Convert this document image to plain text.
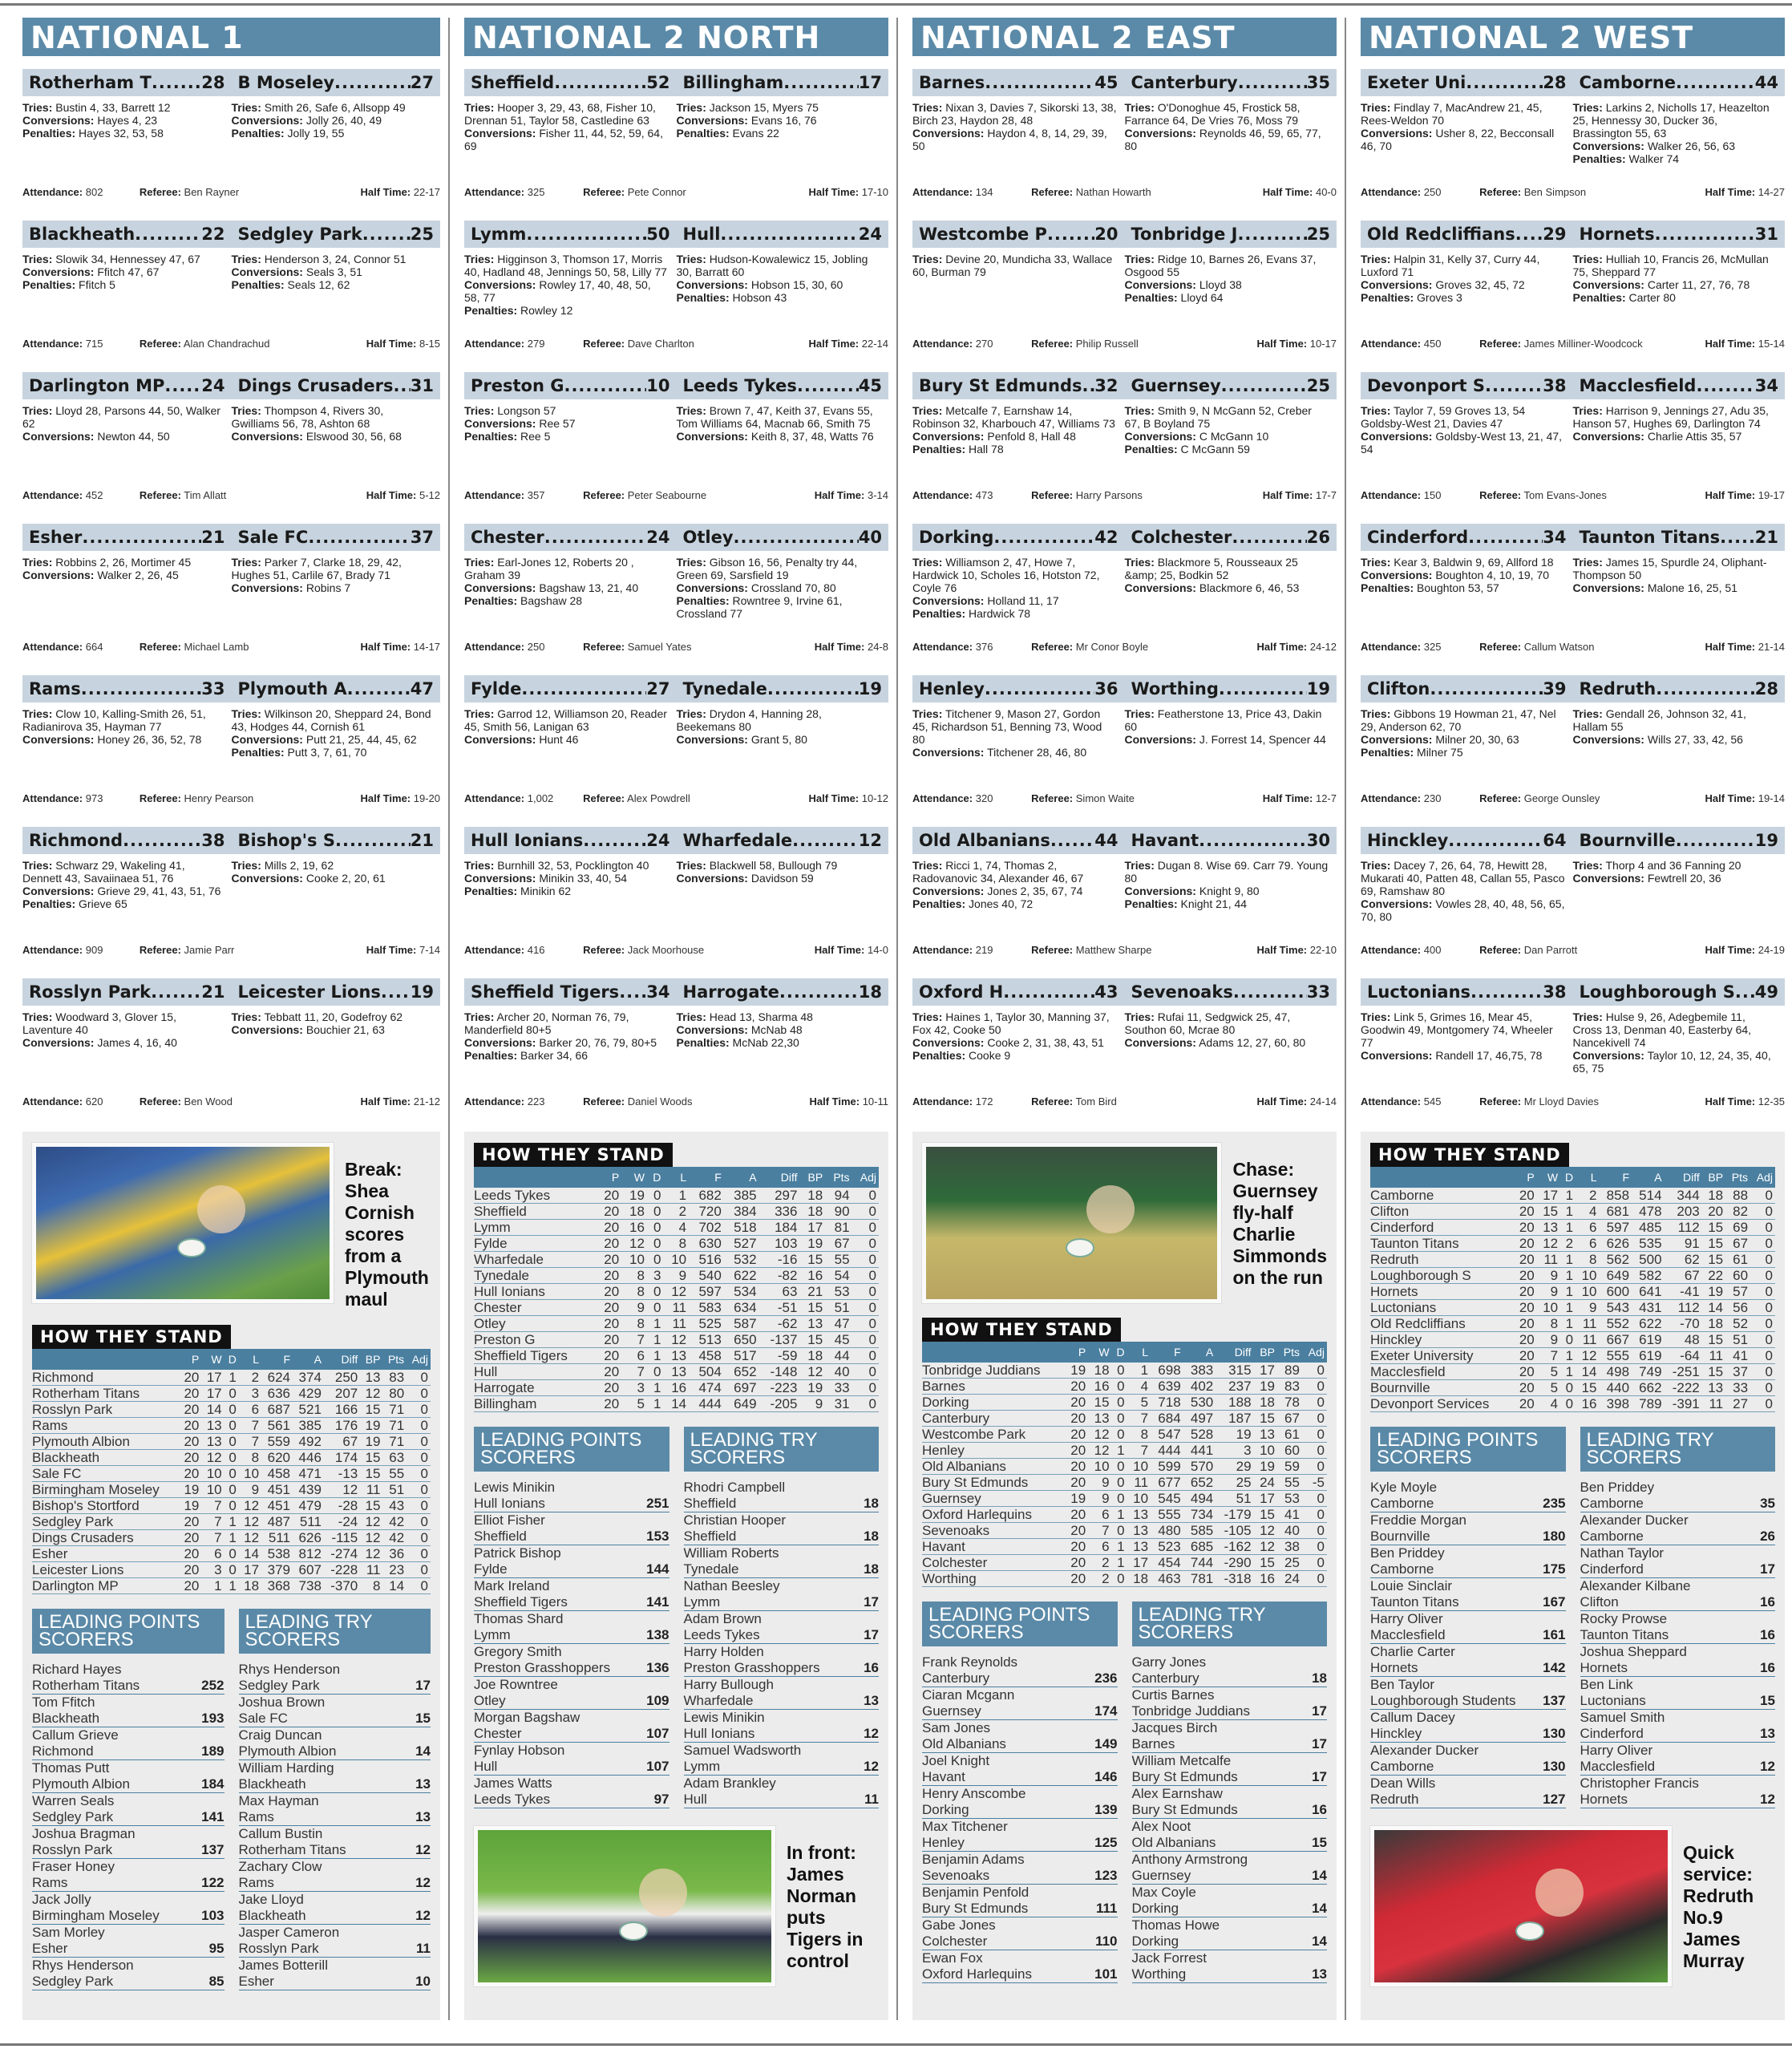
NATIONAL 1
Rotherham T .....	28 B Moseley .....	27
Tries: Bustin 4, 33, Barrett 12
Conversions: Hayes 4, 23
Penalties: Hayes 32, 53, 58
Tries: Smith 26, Safe 6, Allsopp 49
Conversions: Jolly 26, 40, 49
Penalties: Jolly 19, 55
Attendance: 802	Referee: Ben Rayner	Half Time: 22-17
Blackheath .....	22 Sedgley Park .....	25
Tries: Slowik 34, Hennessey 47, 67
Conversions: Ffitch 47, 67
Penalties: Ffitch 5
Tries: Henderson 3, 24, Connor 51
Conversions: Seals 3, 51
Penalties: Seals 12, 62
Attendance: 715	Referee: Alan Chandrachud	Half Time: 8-15
Darlington MP ..... 24 Dings Crusaders ..... 31
Tries: Lloyd 28, Parsons 44, 50, Walker 62
Conversions: Newton 44, 50
Tries: Thompson 4, Rivers 30, Gwilliams 56, 78, Ashton 68
Conversions: Elswood 30, 56, 68
Attendance: 452	Referee: Tim Allatt	Half Time: 5-12
Esher .....	21 Sale FC .....	37
Tries: Robbins 2, 26, Mortimer 45
Conversions: Walker 2, 26, 45
Tries: Parker 7, Clarke 18, 29, 42, Hughes 51, Carlile 67, Brady 71
Conversions: Robins 7
Attendance: 664	Referee: Michael Lamb	Half Time: 14-17
Rams .....	33 Plymouth A .....	47
Tries: Clow 10, Kalling-Smith 26, 51, Radianirova 35, Hayman 77
Conversions: Honey 26, 36, 52, 78
Tries: Wilkinson 20, Sheppard 24, Bond 43, Hodges 44, Cornish 61
Conversions: Putt 21, 25, 44, 45, 62
Penalties: Putt 3, 7, 61, 70
Attendance: 973	Referee: Henry Pearson	Half Time: 19-20
Richmond .....	38 Bishop's S .....	21
Tries: Schwarz 29, Wakeling 41, Dennett 43, Savaiinaea 51, 76
Conversions: Grieve 29, 41, 43, 51, 76
Penalties: Grieve 65
Tries: Mills 2, 19, 62
Conversions: Cooke 2, 20, 61
Attendance: 909	Referee: Jamie Parr	Half Time: 7-14
Rosslyn Park .....	21 Leicester Lions ..... 19
Tries: Woodward 3, Glover 15, Laventure 40
Conversions: James 4, 16, 40
Tries: Tebbatt 11, 20, Godefroy 62
Conversions: Bouchier 21, 63
Attendance: 620	Referee: Ben Wood	Half Time: 21-12
Break: Shea Cornish scores from a Plymouth maul
HOW THEY STAND
	P	W	D	L	F	A	Diff	BP	Pts	Adj
Richmond	20	17	1	2	624	374	250	13	83	0
Rotherham Titans	20	17	0	3	636	429	207	12	80	0
Rosslyn Park	20	14	0	6	687	521	166	15	71	0
Rams	20	13	0	7	561	385	176	19	71	0
Plymouth Albion	20	13	0	7	559	492	67	19	71	0
Blackheath	20	12	0	8	620	446	174	15	63	0
Sale FC	20	10	0	10	458	471	-13	15	55	0
Birmingham Moseley	19	10	0	9	451	439	12	11	51	0
Bishop's Stortford	19	7	0	12	451	479	-28	15	43	0
Sedgley Park	20	7	1	12	487	511	-24	12	42	0
Dings Crusaders	20	7	1	12	511	626	-115	12	42	0
Esher	20	6	0	14	538	812	-274	12	36	0
Leicester Lions	20	3	0	17	379	607	-228	11	23	0
Darlington MP	20	1	1	18	368	738	-370	8	14	0
LEADING POINTS SCORERS
Richard Hayes
Rotherham Titans	252
Tom Ffitch
Blackheath	193
Callum Grieve
Richmond	189
Thomas Putt
Plymouth Albion	184
Warren Seals
Sedgley Park	141
Joshua Bragman
Rosslyn Park	137
Fraser Honey
Rams	122
Jack Jolly
Birmingham Moseley	103
Sam Morley
Esher	95
Rhys Henderson
Sedgley Park	85
LEADING TRY SCORERS
Rhys Henderson
Sedgley Park	17
Joshua Brown
Sale FC	15
Craig Duncan
Plymouth Albion	14
William Harding
Blackheath	13
Max Hayman
Rams	13
Callum Bustin
Rotherham Titans	12
Zachary Clow
Rams	12
Jake Lloyd
Blackheath	12
Jasper Cameron
Rosslyn Park	11
James Botterill
Esher	10
NATIONAL 2 NORTH
Sheffield .....	52 Billingham .....	17
Tries: Hooper 3, 29, 43, 68, Fisher 10, Drennan 51, Taylor 58, Castledine 63
Conversions: Fisher 11, 44, 52, 59, 64, 69
Tries: Jackson 15, Myers 75
Conversions: Evans 16, 76
Penalties: Evans 22
Attendance: 325	Referee: Pete Connor	Half Time: 17-10
Lymm .....	50 Hull .....	24
Tries: Higginson 3, Thomson 17, Morris 40, Hadland 48, Jennings 50, 58, Lilly 77
Conversions: Rowley 17, 40, 48, 50, 58, 77
Penalties: Rowley 12
Tries: Hudson-Kowalewicz 15, Jobling 30, Barratt 60
Conversions: Hobson 15, 30, 60
Penalties: Hobson 43
Attendance: 279	Referee: Dave Charlton	Half Time: 22-14
Preston G .....	10 Leeds Tykes .....	45
Tries: Longson 57
Conversions: Ree 57
Penalties: Ree 5
Tries: Brown 7, 47, Keith 37, Evans 55, Tom Williams 64, Macnab 66, Smith 75
Conversions: Keith 8, 37, 48, Watts 76
Attendance: 357	Referee: Peter Seabourne	Half Time: 3-14
Chester .....	24 Otley .....	40
Tries: Earl-Jones 12, Roberts 20 , Graham 39
Conversions: Bagshaw 13, 21, 40
Penalties: Bagshaw 28
Tries: Gibson 16, 56, Penalty try 44, Green 69, Sarsfield 19
Conversions: Crossland 70, 80
Penalties: Rowntree 9, Irvine 61, Crossland 77
Attendance: 250	Referee: Samuel Yates	Half Time: 24-8
Fylde .....	27 Tynedale .....	19
Tries: Garrod 12, Williamson 20, Reader 45, Smith 56, Lanigan 63
Conversions: Hunt 46
Tries: Drydon 4, Hanning 28, Beekemans 80
Conversions: Grant 5, 80
Attendance: 1,002	Referee: Alex Powdrell	Half Time: 10-12
Hull Ionians .....	24 Wharfedale .....	12
Tries: Burnhill 32, 53, Pocklington 40
Conversions: Minikin 33, 40, 54
Penalties: Minikin 62
Tries: Blackwell 58, Bullough 79
Conversions: Davidson 59
Attendance: 416	Referee: Jack Moorhouse	Half Time: 14-0
Sheffield Tigers ..... 34 Harrogate .....	18
Tries: Archer 20, Norman 76, 79, Manderfield 80+5
Conversions: Barker 20, 76, 79, 80+5
Penalties: Barker 34, 66
Tries: Head 13, Sharma 48
Conversions: McNab 48
Penalties: McNab 22,30
Attendance: 223	Referee: Daniel Woods	Half Time: 10-11
HOW THEY STAND
	P	W	D	L	F	A	Diff	BP	Pts	Adj
Leeds Tykes	20	19	0	1	682	385	297	18	94	0
Sheffield	20	18	0	2	720	384	336	18	90	0
Lymm	20	16	0	4	702	518	184	17	81	0
Fylde	20	12	0	8	630	527	103	19	67	0
Wharfedale	20	10	0	10	516	532	-16	15	55	0
Tynedale	20	8	3	9	540	622	-82	16	54	0
Hull Ionians	20	8	0	12	597	534	63	21	53	0
Chester	20	9	0	11	583	634	-51	15	51	0
Otley	20	8	1	11	525	587	-62	13	47	0
Preston G	20	7	1	12	513	650	-137	15	45	0
Sheffield Tigers	20	6	1	13	458	517	-59	18	44	0
Hull	20	7	0	13	504	652	-148	12	40	0
Harrogate	20	3	1	16	474	697	-223	19	33	0
Billingham	20	5	1	14	444	649	-205	9	31	0
LEADING POINTS SCORERS
Lewis Minikin
Hull Ionians	251
Elliot Fisher
Sheffield	153
Patrick Bishop
Fylde	144
Mark Ireland
Sheffield Tigers	141
Thomas Shard
Lymm	138
Gregory Smith
Preston Grasshoppers	136
Joe Rowntree
Otley	109
Morgan Bagshaw
Chester	107
Fynlay Hobson
Hull	107
James Watts
Leeds Tykes	97
LEADING TRY SCORERS
Rhodri Campbell
Sheffield	18
Christian Hooper
Sheffield	18
William Roberts
Tynedale	18
Nathan Beesley
Lymm	17
Adam Brown
Leeds Tykes	17
Harry Holden
Preston Grasshoppers	16
Harry Bullough
Wharfedale	13
Lewis Minikin
Hull Ionians	12
Samuel Wadsworth
Lymm	12
Adam Brankley
Hull	11
In front: James Norman puts Tigers in control
NATIONAL 2 EAST
Barnes .....	45 Canterbury .....	35
Tries: Nixan 3, Davies 7, Sikorski 13, 38, Birch 23, Haydon 28, 48
Conversions: Haydon 4, 8, 14, 29, 39, 50
Tries: O'Donoghue 45, Frostick 58, Farrance 64, De Vries 76, Moss 79
Conversions: Reynolds 46, 59, 65, 77, 80
Attendance: 134	Referee: Nathan Howarth	Half Time: 40-0
Westcombe P .....	20 Tonbridge J .....	25
Tries: Devine 20, Mundicha 33, Wallace 60, Burman 79
Tries: Ridge 10, Barnes 26, Evans 37, Osgood 55
Conversions: Lloyd 38
Penalties: Lloyd 64
Attendance: 270	Referee: Philip Russell	Half Time: 10-17
Bury St Edmunds ..... 32 Guernsey .....	25
Tries: Metcalfe 7, Earnshaw 14, Robinson 32, Kharbouch 47, Williams 73
Conversions: Penfold 8, Hall 48
Penalties: Hall 78
Tries: Smith 9, N McGann 52, Creber 67, B Boyland 75
Conversions: C McGann 10
Penalties: C McGann 59
Attendance: 473	Referee: Harry Parsons	Half Time: 17-7
Dorking .....	42 Colchester .....	26
Tries: Williamson 2, 47, Howe 7, Hardwick 10, Scholes 16, Hotston 72, Coyle 76
Conversions: Holland 11, 17
Penalties: Hardwick 78
Tries: Blackmore 5, Rousseaux 25 &amp; 25, Bodkin 52
Conversions: Blackmore 6, 46, 53
Attendance: 376	Referee: Mr Conor Boyle	Half Time: 24-12
Henley .....	36 Worthing .....	19
Tries: Titchener 9, Mason 27, Gordon 45, Richardson 51, Benning 73, Wood 80
Conversions: Titchener 28, 46, 80
Tries: Featherstone 13, Price 43, Dakin 60
Conversions: J. Forrest 14, Spencer 44
Attendance: 320	Referee: Simon Waite	Half Time: 12-7
Old Albanians .....	44 Havant .....	30
Tries: Ricci 1, 74, Thomas 2, Radovanovic 34, Alexander 46, 67
Conversions: Jones 2, 35, 67, 74
Penalties: Jones 40, 72
Tries: Dugan 8. Wise 69. Carr 79. Young 80
Conversions: Knight 9, 80
Penalties: Knight 21, 44
Attendance: 219	Referee: Matthew Sharpe	Half Time: 22-10
Oxford H .....	43 Sevenoaks .....	33
Tries: Haines 1, Taylor 30, Manning 37, Fox 42, Cooke 50
Conversions: Cooke 2, 31, 38, 43, 51
Penalties: Cooke 9
Tries: Rufai 11, Sedgwick 25, 47, Southon 60, Mcrae 80
Conversions: Adams 12, 27, 60, 80
Attendance: 172	Referee: Tom Bird	Half Time: 24-14
Chase: Guernsey fly-half Charlie Simmonds on the run
HOW THEY STAND
	P	W	D	L	F	A	Diff	BP	Pts	Adj
Tonbridge Juddians	19	18	0	1	698	383	315	17	89	0
Barnes	20	16	0	4	639	402	237	19	83	0
Dorking	20	15	0	5	718	530	188	18	78	0
Canterbury	20	13	0	7	684	497	187	15	67	0
Westcombe Park	20	12	0	8	547	528	19	13	61	0
Henley	20	12	1	7	444	441	3	10	60	0
Old Albanians	20	10	0	10	599	570	29	19	59	0
Bury St Edmunds	20	9	0	11	677	652	25	24	55	-5
Guernsey	19	9	0	10	545	494	51	17	53	0
Oxford Harlequins	20	6	1	13	555	734	-179	15	41	0
Sevenoaks	20	7	0	13	480	585	-105	12	40	0
Havant	20	6	1	13	523	685	-162	12	38	0
Colchester	20	2	1	17	454	744	-290	15	25	0
Worthing	20	2	0	18	463	781	-318	16	24	0
LEADING POINTS SCORERS
Frank Reynolds
Canterbury	236
Ciaran Mcgann
Guernsey	174
Sam Jones
Old Albanians	149
Joel Knight
Havant	146
Henry Anscombe
Dorking	139
Max Titchener
Henley	125
Benjamin Adams
Sevenoaks	123
Benjamin Penfold
Bury St Edmunds	111
Gabe Jones
Colchester	110
Ewan Fox
Oxford Harlequins	101
LEADING TRY SCORERS
Garry Jones
Canterbury	18
Curtis Barnes
Tonbridge Juddians	17
Jacques Birch
Barnes	17
William Metcalfe
Bury St Edmunds	17
Alex Earnshaw
Bury St Edmunds	16
Alex Noot
Old Albanians	15
Anthony Armstrong
Guernsey	14
Max Coyle
Dorking	14
Thomas Howe
Dorking	14
Jack Forrest
Worthing	13
NATIONAL 2 WEST
Exeter Uni .....	28 Camborne .....	44
Tries: Findlay 7, MacAndrew 21, 45, Rees-Weldon 70
Conversions: Usher 8, 22, Becconsall 46, 70
Tries: Larkins 2, Nicholls 17, Heazelton 25, Hennessy 30, Ducker 36, Brassington 55, 63
Conversions: Walker 26, 56, 63
Penalties: Walker 74
Attendance: 250	Referee: Ben Simpson	Half Time: 14-27
Old Redcliffians ..... 29 Hornets .....	31
Tries: Halpin 31, Kelly 37, Curry 44, Luxford 71
Conversions: Groves 32, 45, 72
Penalties: Groves 3
Tries: Hulliah 10, Francis 26, McMullan 75, Sheppard 77
Conversions: Carter 11, 27, 76, 78
Penalties: Carter 80
Attendance: 450	Referee: James Milliner-Woodcock	Half Time: 15-14
Devonport S .....	38 Macclesfield .....	34
Tries: Taylor 7, 59 Groves 13, 54 Goldsby-West 21, Davies 47
Conversions: Goldsby-West 13, 21, 47, 54
Tries: Harrison 9, Jennings 27, Adu 35, Hanson 57, Hughes 69, Darlington 74
Conversions: Charlie Attis 35, 57
Attendance: 150	Referee: Tom Evans-Jones	Half Time: 19-17
Cinderford .....	34 Taunton Titans ..... 21
Tries: Kear 3, Baldwin 9, 69, Allford 18
Conversions: Boughton 4, 10, 19, 70
Penalties: Boughton 53, 57
Tries: James 15, Spurdle 24, Oliphant-Thompson 50
Conversions: Malone 16, 25, 51
Attendance: 325	Referee: Callum Watson	Half Time: 21-14
Clifton .....	39 Redruth .....	28
Tries: Gibbons 19 Howman 21, 47, Nel 29, Anderson 62, 70
Conversions: Milner 20, 30, 63
Penalties: Milner 75
Tries: Gendall 26, Johnson 32, 41, Hallam 55
Conversions: Wills 27, 33, 42, 56
Attendance: 230	Referee: George Ounsley	Half Time: 19-14
Hinckley .....	64 Bournville .....	19
Tries: Dacey 7, 26, 64, 78, Hewitt 28, Mukarati 40, Patten 48, Callan 55, Pasco 69, Ramshaw 80
Conversions: Vowles 28, 40, 48, 56, 65, 70, 80
Tries: Thorp 4 and 36 Fanning 20
Conversions: Fewtrell 20, 36
Attendance: 400	Referee: Dan Parrott	Half Time: 24-19
Luctonians .....	38 Loughborough S ..... 49
Tries: Link 5, Grimes 16, Mear 45, Goodwin 49, Montgomery 74, Wheeler 77
Conversions: Randell 17, 46,75, 78
Tries: Hulse 9, 26, Adegbemile 11, Cross 13, Denman 40, Easterby 64, Nancekivell 74
Conversions: Taylor 10, 12, 24, 35, 40, 65, 75
Attendance: 545	Referee: Mr Lloyd Davies	Half Time: 12-35
HOW THEY STAND
	P	W	D	L	F	A	Diff	BP	Pts	Adj
Camborne	20	17	1	2	858	514	344	18	88	0
Clifton	20	15	1	4	681	478	203	20	82	0
Cinderford	20	13	1	6	597	485	112	15	69	0
Taunton Titans	20	12	2	6	626	535	91	15	67	0
Redruth	20	11	1	8	562	500	62	15	61	0
Loughborough S	20	9	1	10	649	582	67	22	60	0
Hornets	20	9	1	10	600	641	-41	19	57	0
Luctonians	20	10	1	9	543	431	112	14	56	0
Old Redcliffians	20	8	1	11	552	622	-70	18	52	0
Hinckley	20	9	0	11	667	619	48	15	51	0
Exeter University	20	7	1	12	555	619	-64	11	41	0
Macclesfield	20	5	1	14	498	749	-251	15	37	0
Bournville	20	5	0	15	440	662	-222	13	33	0
Devonport Services	20	4	0	16	398	789	-391	11	27	0
LEADING POINTS SCORERS
Kyle Moyle
Camborne	235
Freddie Morgan
Bournville	180
Ben Priddey
Camborne	175
Louie Sinclair
Taunton Titans	167
Harry Oliver
Macclesfield	161
Charlie Carter
Hornets	142
Ben Taylor
Loughborough Students 137
Callum Dacey
Hinckley	130
Alexander Ducker
Camborne	130
Dean Wills
Redruth	127
LEADING TRY SCORERS
Ben Priddey
Camborne	35
Alexander Ducker
Camborne	26
Nathan Taylor
Cinderford	17
Alexander Kilbane
Clifton	16
Rocky Prowse
Taunton Titans	16
Joshua Sheppard
Hornets	16
Ben Link
Luctonians	15
Samuel Smith
Cinderford	13
Harry Oliver
Macclesfield	12
Christopher Francis
Hornets	12
Quick service: Redruth No.9 James Murray
